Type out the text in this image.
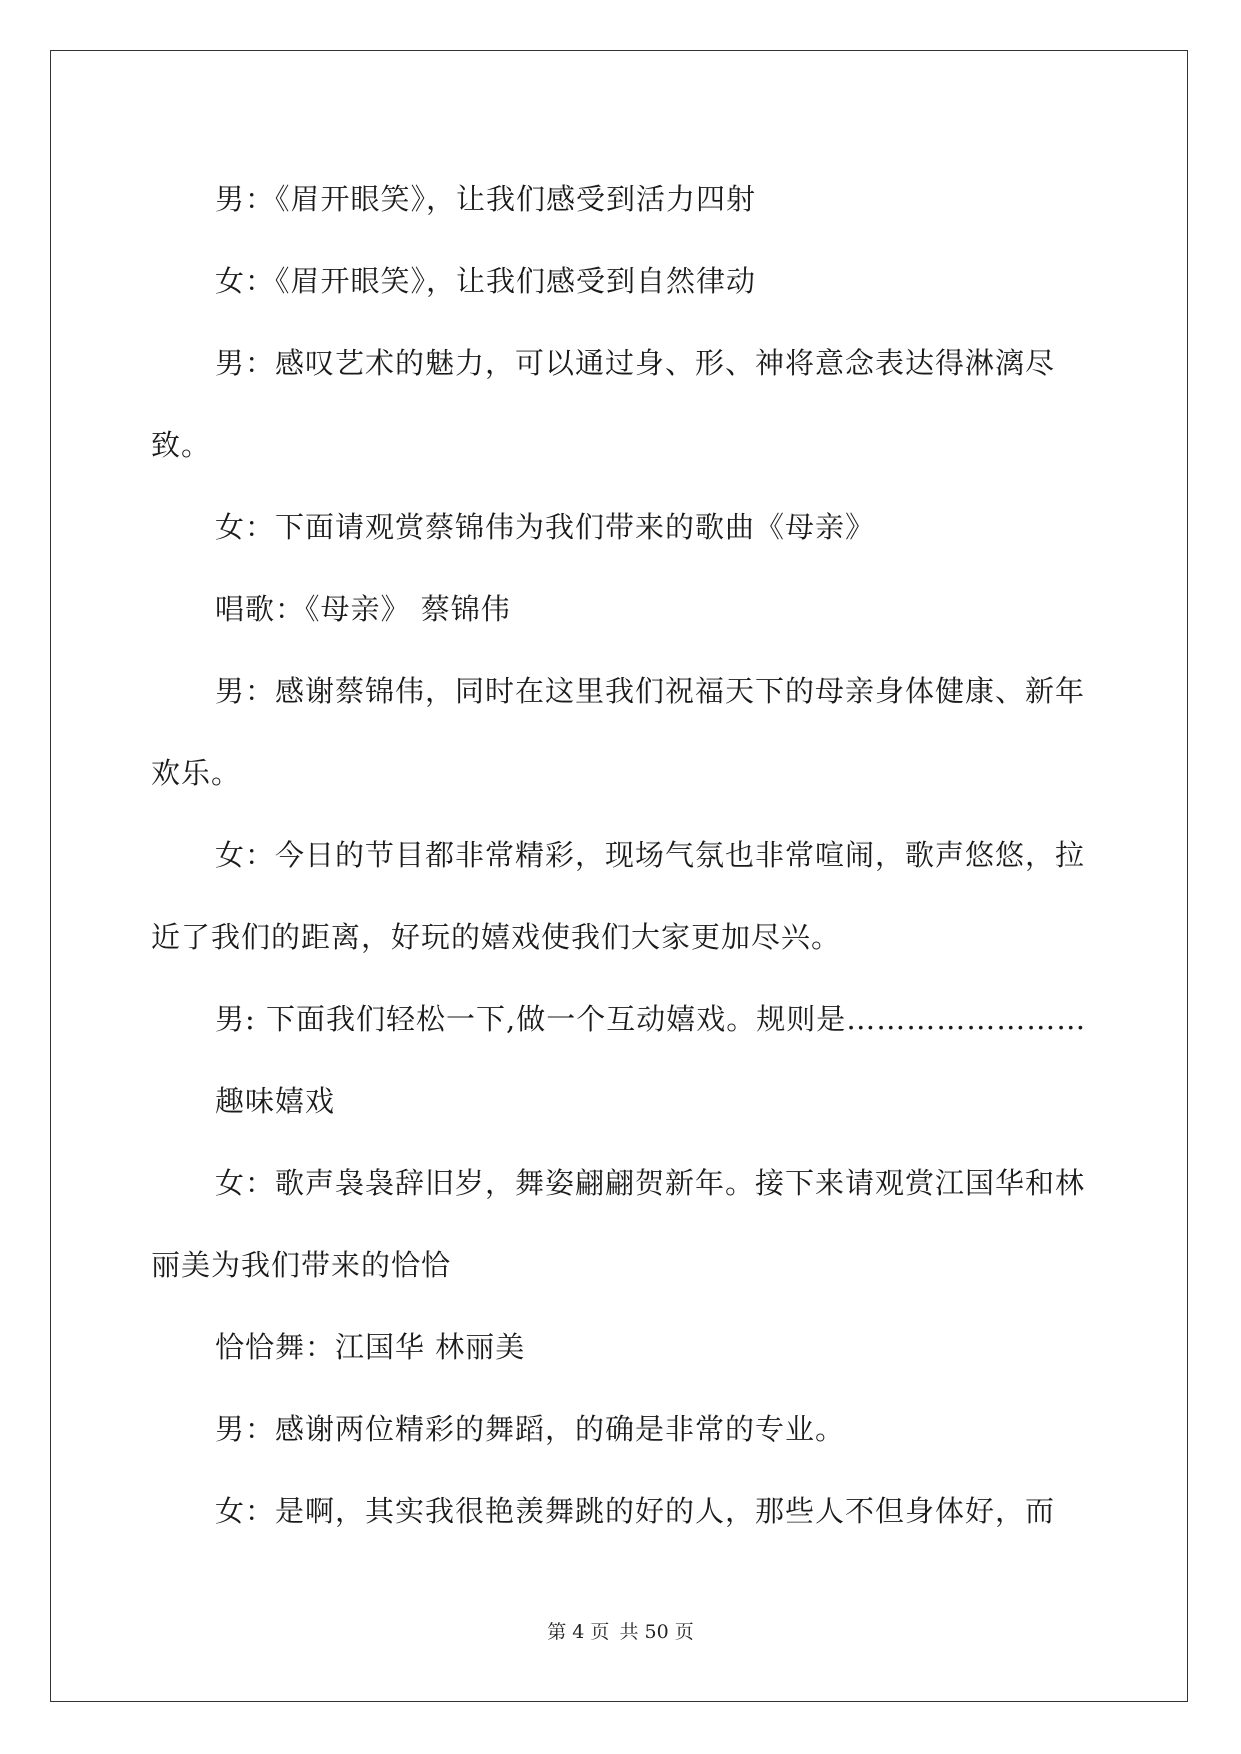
男：《眉开眼笑》，让我们感受到活力四射

女：《眉开眼笑》，让我们感受到自然律动

男：感叹艺术的魅力，可以通过身、形、神将意念表达得淋漓尽致。

女：下面请观赏蔡锦伟为我们带来的歌曲《母亲》

唱歌：《母亲》 蔡锦伟

男：感谢蔡锦伟，同时在这里我们祝福天下的母亲身体健康、新年欢乐。

女：今日的节目都非常精彩，现场气氛也非常喧闹，歌声悠悠，拉近了我们的距离，好玩的嬉戏使我们大家更加尽兴。

男: 下面我们轻松一下,做一个互动嬉戏。规则是……………………

趣味嬉戏

女：歌声袅袅辞旧岁，舞姿翩翩贺新年。接下来请观赏江国华和林丽美为我们带来的恰恰

恰恰舞：江国华 林丽美

男：感谢两位精彩的舞蹈，的确是非常的专业。

女：是啊，其实我很艳羡舞跳的好的人，那些人不但身体好，而

第 4 页 共 50 页
